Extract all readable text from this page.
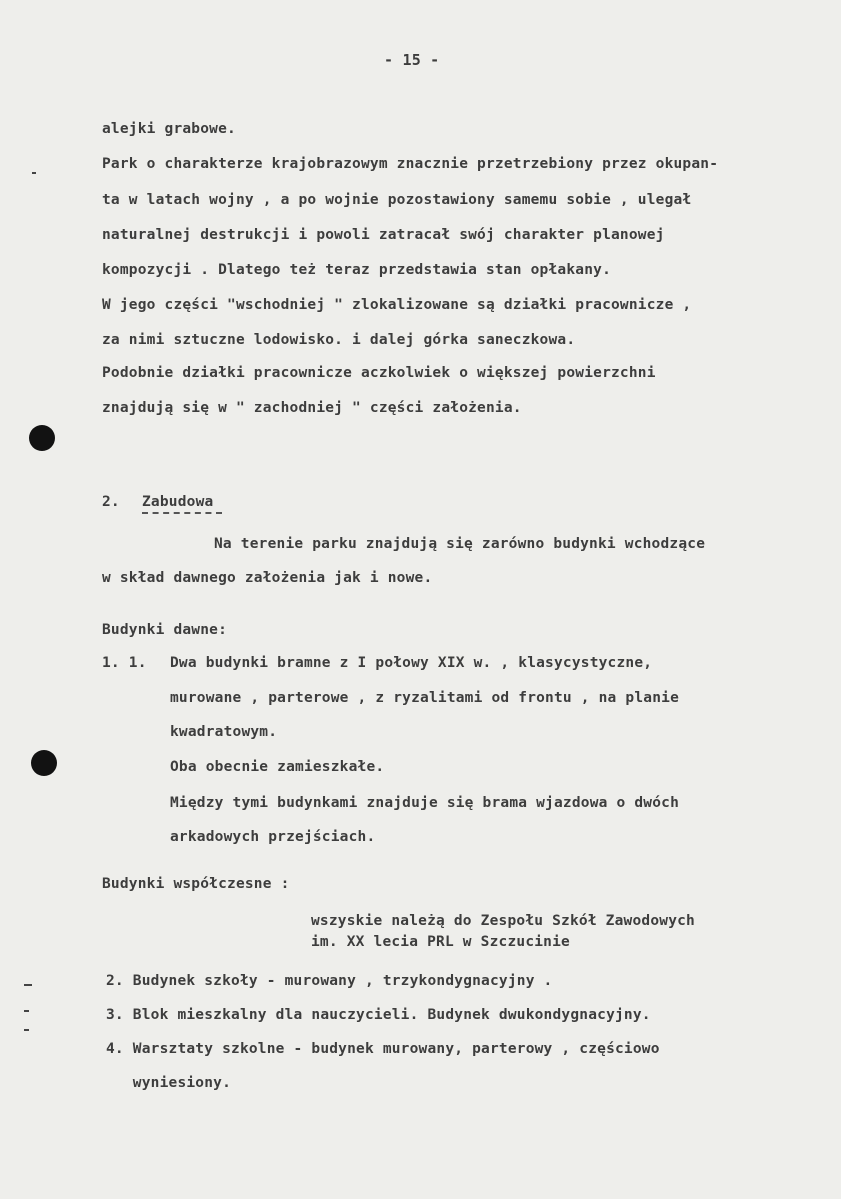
- 15 -
alejki grabowe.
Park o charakterze krajobrazowym znacznie przetrzebiony przez okupan-
ta w latach wojny , a po wojnie pozostawiony samemu sobie , ulegał
naturalnej destrukcji i powoli zatracał swój charakter planowej
kompozycji . Dlatego też teraz przedstawia stan opłakany.
W jego części "wschodniej " zlokalizowane są działki pracownicze ,
za nimi sztuczne lodowisko. i dalej górka saneczkowa.
Podobnie działki pracownicze aczkolwiek o większej powierzchni
znajdują się w " zachodniej " części założenia.
2. Zabudowa
Na terenie parku znajdują się zarówno budynki wchodzące
w skład dawnego założenia jak i nowe.
Budynki dawne:
1. 1. Dwa budynki bramne z I połowy XIX w. , klasycystyczne,
murowane , parterowe , z ryzalitami od frontu , na planie
kwadratowym.
Oba obecnie zamieszkałe.
Między tymi budynkami znajduje się brama wjazdowa o dwóch
arkadowych przejściach.
Budynki współczesne :
wszyskie należą do Zespołu Szkół Zawodowych
im. XX lecia PRL w Szczucinie
2. Budynek szkoły - murowany , trzykondygnacyjny .
3. Blok mieszkalny dla nauczycieli. Budynek dwukondygnacyjny.
4. Warsztaty szkolne - budynek murowany, parterowy , częściowo
wyniesiony.
